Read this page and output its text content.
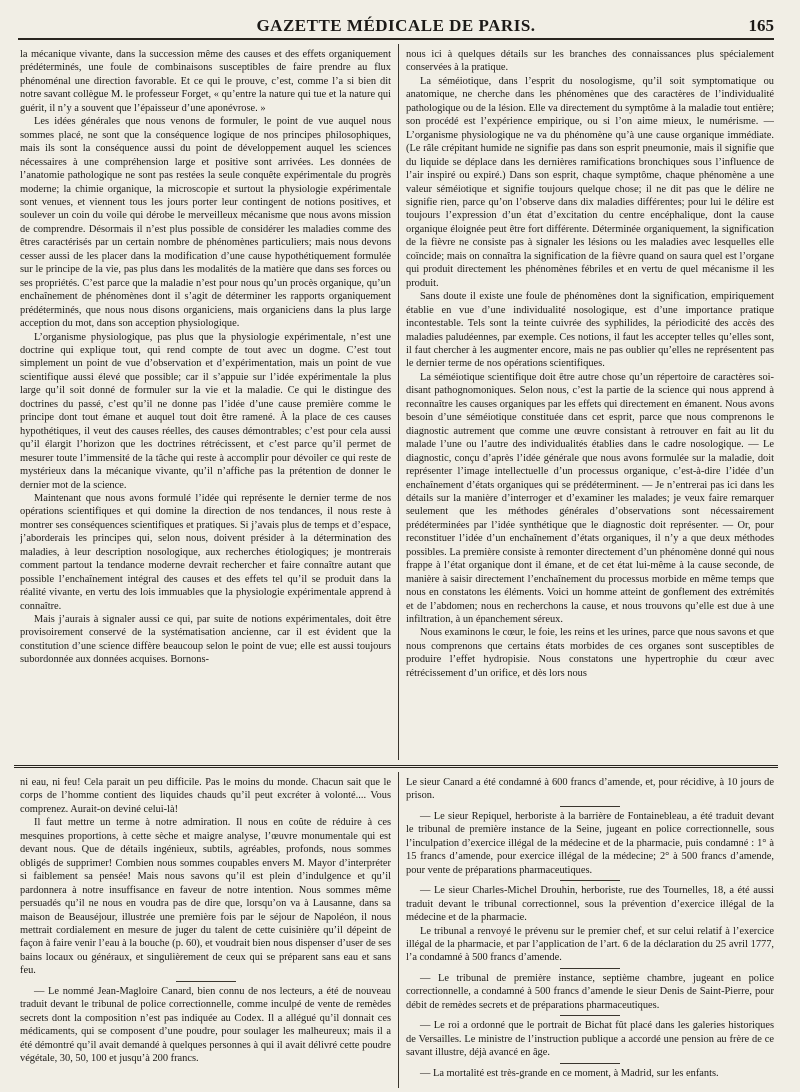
GAZETTE MÉDICALE DE PARIS.	165

la mécanique vivante, dans la succession même des causes et des effets organiquement prédéterminés, une foule de combinaisons susceptibles de faire prendre au flux phénoménal une direction favorable. Et ce qui le prouve, c’est, comme l’a si bien dit notre savant collègue M. le professeur Forget, « qu’entre la nature qui tue et la nature qui guérit, il n’y a souvent que l’épaisseur d’une aponévrose. »

Les idées générales que nous venons de formuler, le point de vue auquel nous sommes placé, ne sont que la conséquence logique de nos principes philosophiques, mais ils sont la conséquence aussi du point de développement auquel les sciences nécessaires à une compréhension large et positive sont arrivées. Les données de l’anatomie pathologique ne sont pas restées la seule conquête expérimentale du progrès moderne; la chimie organique, la microscopie et surtout la physiologie expérimentale sont venues, et viennent tous les jours porter leur contingent de notions positives, et soulever un coin du voile qui dérobe le merveilleux mécanisme que nous avons mission de comprendre. Désormais il n’est plus possible de considérer les maladies comme des êtres caractérisés par un certain nombre de phénomènes particuliers; mais nous devons cesser aussi de les placer dans la modification d’une cause hypothétiquement formulée sur le principe de la vie, pas plus dans les modalités de la matière que dans ses forces ou ses propriétés. C’est parce que la maladie n’est pour nous qu’un procès organique, qu’un enchaînement de phénomènes dont il s’agit de déterminer les rapports organiquement prédéterminés, que nous nous disons organiciens, mais organiciens dans la plus large acception du mot, dans son acception physiologique.

L’organisme physiologique, pas plus que la physiologie expérimentale, n’est une doctrine qui explique tout, qui rend compte de tout avec un dogme. C’est tout simplement un point de vue d’observation et d’expérimentation, mais un point de vue scientifique aussi élevé que possible; car il s’appuie sur l’idée expérimentale la plus large qu’il soit donné de formuler sur la vie et la maladie. Ce qui le distingue des doctrines du passé, c’est qu’il ne donne pas l’idée d’une cause première comme le principe dont tout émane et auquel tout doit être ramené. À la place de ces causes hypothétiques, il veut des causes réelles, des causes démontrables; c’est pour cela aussi qu’il élargit l’horizon que les doctrines rétrécissent, et c’est parce qu’il permet de mesurer toute l’immensité de la tâche qui reste à accomplir pour dévoiler ce qui reste de mystérieux dans la mécanique vivante, qu’il n’affiche pas la prétention de donner le dernier mot de la science.

Maintenant que nous avons formulé l’idée qui représente le dernier terme de nos opérations scientifiques et qui domine la direction de nos tendances, il nous reste à montrer ses conséquences scientifiques et pratiques. Si j’avais plus de temps et d’espace, j’aborderais les principes qui, selon nous, doivent présider à la détermination des maladies, à leur description nosologique, aux recherches étiologiques; je montrerais comment partout la tendance moderne devrait rechercher et faire connaître autant que possible l’enchaînement intégral des causes et des effets tel qu’il se produit dans la réalité vivante, en vertu des lois immuables que la physiologie expérimentale apprend à connaître.

Mais j’aurais à signaler aussi ce qui, par suite de notions expérimentales, doit être provisoirement conservé de la systématisation ancienne, car il est évident que la constitution d’une science diffère beaucoup selon le point de vue; elle est aussi toujours subordonnée aux données acquises. Bornons-

nous ici à quelques détails sur les branches des connaissances plus spécialement conservées à la pratique.

La séméiotique, dans l’esprit du nosologisme, qu’il soit symptomatique ou anatomique, ne cherche dans les phénomènes que des caractères de l’individualité pathologique ou de la lésion. Elle va directement du symptôme à la maladie tout entière; son procédé est l’expérience empirique, ou si l’on aime mieux, le numérisme. — L’organisme physiologique ne va du phénomène qu’à une cause organique immédiate. (Le râle crépitant humide ne signifie pas dans son esprit pneumonie, mais il signifie que du liquide se déplace dans les dernières ramifications bronchiques sous l’influence de l’air inspiré ou expiré.) Dans son esprit, chaque symptôme, chaque phénomène a une valeur séméiotique et signifie toujours quelque chose; il ne dit pas que le délire ne signifie rien, parce qu’on l’observe dans dix maladies différentes; pour lui le délire est toujours l’expression d’un état d’excitation du centre encéphalique, dont la cause organique éloignée peut être fort différente. Déterminée organiquement, la signification de la fièvre ne consiste pas à signaler les lésions ou les maladies avec lesquelles elle coïncide; mais on connaîtra la signification de la fièvre quand on saura quel est l’organe qui produit directement les phénomènes fébriles et en vertu de quel mécanisme il les produit.

Sans doute il existe une foule de phénomènes dont la signification, empiriquement établie en vue d’une individualité nosologique, est d’une importance pratique incontestable. Tels sont la teinte cuivrée des syphilides, la périodicité des accès des maladies paludéennes, par exemple. Ces notions, il faut les accepter telles qu’elles sont, il faut chercher à les augmenter encore, mais ne pas oublier qu’elles ne représentent pas le dernier terme de nos opérations scientifiques.

La séméiotique scientifique doit être autre chose qu’un répertoire de caractères soi-disant pathognomoniques. Selon nous, c’est la partie de la science qui nous apprend à reconnaître les causes organiques par les effets qui directement en émanent. Nous avons besoin d’une séméiotique constituée dans cet esprit, parce que nous comprenons le diagnostic autrement que comme une œuvre consistant à retrouver en fait au lit du malade l’une ou l’autre des individualités établies dans le cadre nosologique. — Le diagnostic, conçu d’après l’idée générale que nous avons formulée sur la maladie, doit représenter l’image intellectuelle d’un processus organique, c’est-à-dire l’idée d’un enchaînement d’états organiques qui se prédéterminent. — Je n’entrerai pas ici dans les détails sur la manière d’interroger et d’examiner les malades; je veux faire remarquer seulement que les méthodes générales d’observations sont nécessairement prédéterminées par l’idée synthétique que le diagnostic doit représenter. — Or, pour reconstituer l’idée d’un enchaînement d’états organiques, il n’y a que deux méthodes possibles. La première consiste à remonter directement d’un phénomène donné qui nous frappe à l’état organique dont il émane, et de cet état lui-même à la cause seconde, de manière à saisir directement l’enchaînement du processus morbide en même temps que nous en constatons les éléments. Voici un homme atteint de gonflement des extrémités et de l’abdomen; nous en recherchons la cause, et nous trouvons qu’elle est due à une infiltration, à un épanchement séreux.

Nous examinons le cœur, le foie, les reins et les urines, parce que nous savons et que nous comprenons que certains états morbides de ces organes sont susceptibles de produire l’effet hydropisie. Nous constatons une hypertrophie du cœur avec rétrécissement d’un orifice, et dès lors nous

ni eau, ni feu! Cela parait un peu difficile. Pas le moins du monde. Chacun sait que le corps de l’homme contient des liquides chauds qu’il peut excréter à volonté.... Vous comprenez. Aurait-on deviné celui-là!

Il faut mettre un terme à notre admiration. Il nous en coûte de réduire à ces mesquines proportions, à cette sèche et maigre analyse, l’œuvre monumentale qui est devant nous. Que de détails ingénieux, subtils, agréables, profonds, nous sommes obligés de supprimer! Combien nous sommes coupables envers M. Mayor d’interpréter si faiblement sa pensée! Mais nous savons qu’il est plein d’indulgence et qu’il pardonnera à notre insuffisance en faveur de notre intention. Nous sommes même persuadés qu’il ne nous en voudra pas de dire que, lorsqu’on va à Lausanne, dans sa maison de Beauséjour, illustrée une première fois par le séjour de Napoléon, il nous mettrait cordialement en mesure de juger du talent de cette cuisinière qu’il dépeint de façon à faire venir l’eau à la bouche (p. 60), et voudrait bien nous dispenser d’user de ses bains locaux ou généraux, et singulièrement de ceux qui se préparent sans eau et sans feu.

— Le nommé Jean-Magloire Canard, bien connu de nos lecteurs, a été de nouveau traduit devant le tribunal de police correctionnelle, comme inculpé de vente de remèdes secrets dont la composition n’est pas indiquée au Codex. Il a allégué qu’il donnait ces médicaments, qui se composent d’une poudre, pour soulager les malheureux; mais il a été démontré qu’il avait demandé à quelques personnes à qui il avait délivré cette poudre végétale, 30, 50, 100 et jusqu’à 200 francs.

Le sieur Canard a été condamné à 600 francs d’amende, et, pour récidive, à 10 jours de prison.

— Le sieur Repiquel, herboriste à la barrière de Fontainebleau, a été traduit devant le tribunal de première instance de la Seine, jugeant en police correctionnelle, sous l’inculpation d’exercice illégal de la médecine et de la pharmacie, puis condamné : 1° à 15 francs d’amende, pour exercice illégal de la médecine; 2° à 500 francs d’amende, pour vente de préparations pharmaceutiques.

— Le sieur Charles-Michel Drouhin, herboriste, rue des Tournelles, 18, a été aussi traduit devant le tribunal correctionnel, sous la prévention d’exercice illégal de la médecine et de la pharmacie.

Le tribunal a renvoyé le prévenu sur le premier chef, et sur celui relatif à l’exercice illégal de la pharmacie, et par l’application de l’art. 6 de la déclaration du 25 avril 1777, l’a condamné à 500 francs d’amende.

— Le tribunal de première instance, septième chambre, jugeant en police correctionnelle, a condamné à 500 francs d’amende le sieur Denis de Saint-Pierre, pour débit de remèdes secrets et de préparations pharmaceutiques.

— Le roi a ordonné que le portrait de Bichat fût placé dans les galeries historiques de Versailles. Le ministre de l’instruction publique a accordé une pension au frère de ce savant illustre, déjà avancé en âge.

— La mortalité est très-grande en ce moment, à Madrid, sur les enfants.
